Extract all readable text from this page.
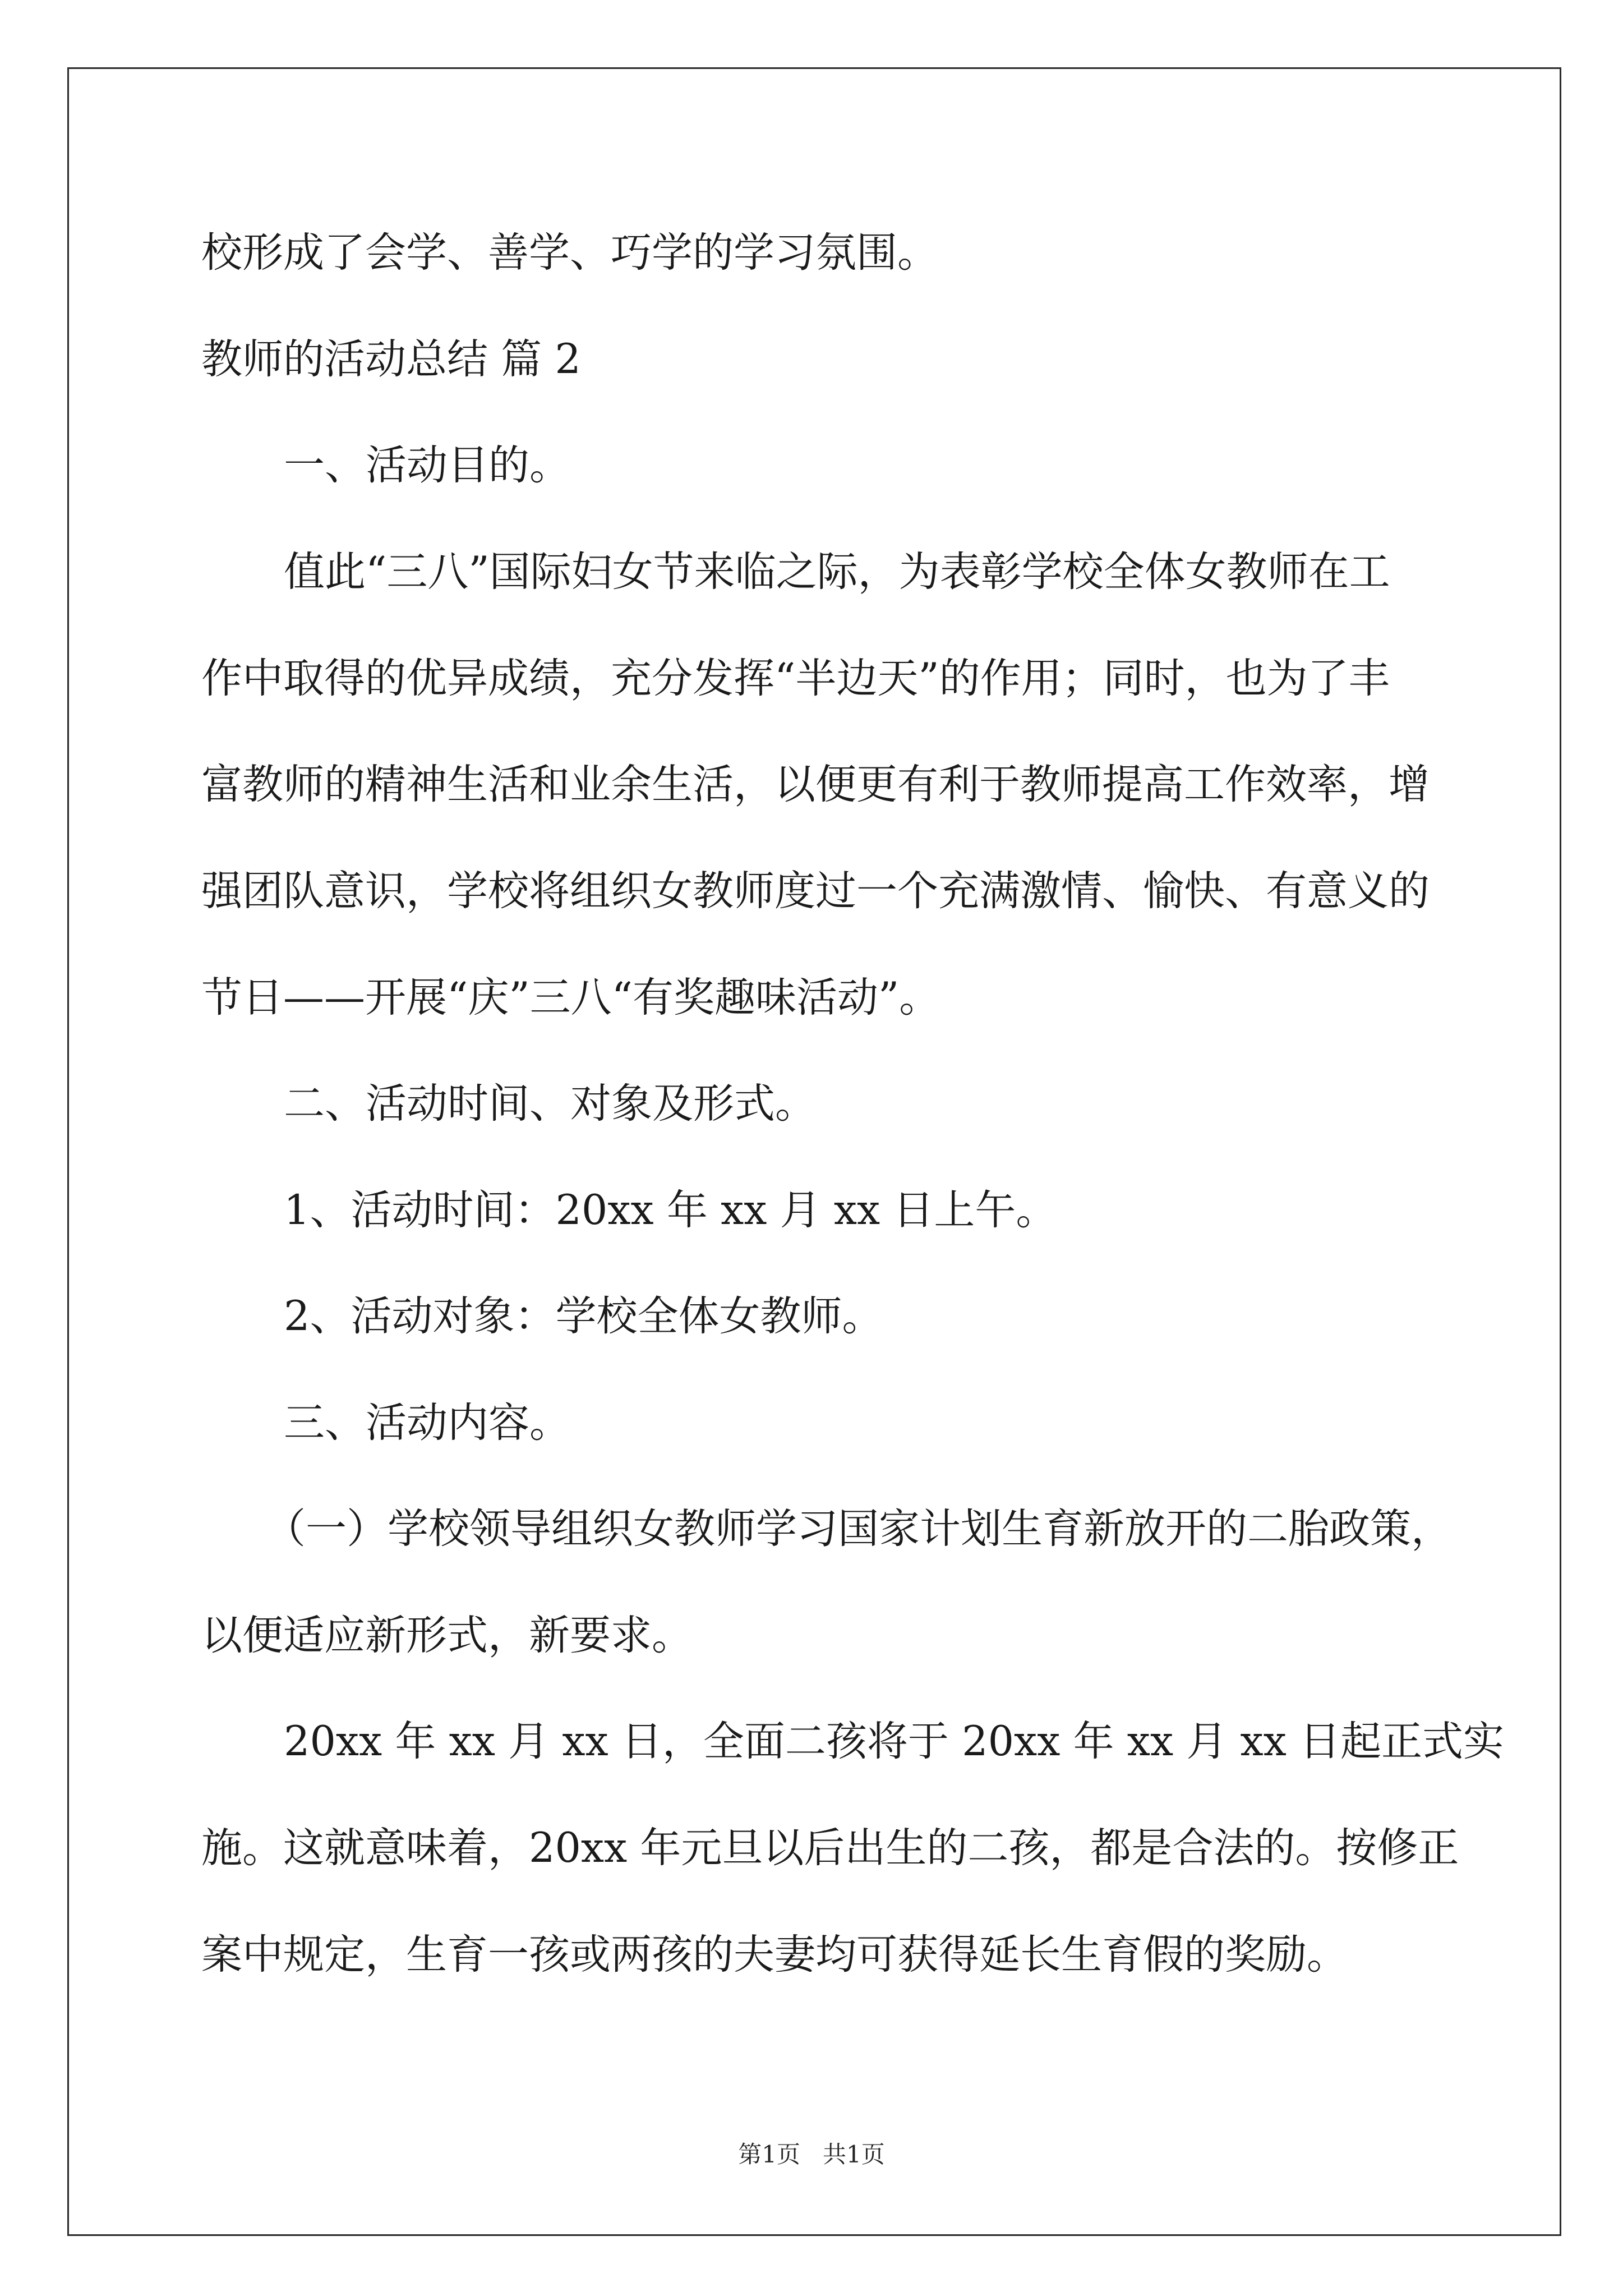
校形成了会学、善学、巧学的学习氛围。
教师的活动总结 篇 2
一、活动目的。
值此“三八”国际妇女节来临之际，为表彰学校全体女教师在工
作中取得的优异成绩，充分发挥“半边天”的作用；同时，也为了丰
富教师的精神生活和业余生活，以便更有利于教师提高工作效率，增
强团队意识，学校将组织女教师度过一个充满激情、愉快、有意义的
节日——开展“庆”三八“有奖趣味活动”。
二、活动时间、对象及形式。
1、活动时间：20xx 年 xx 月 xx 日上午。
2、活动对象：学校全体女教师。
三、活动内容。
（一）学校领导组织女教师学习国家计划生育新放开的二胎政策，
以便适应新形式，新要求。
20xx 年 xx 月 xx 日，全面二孩将于 20xx 年 xx 月 xx 日起正式实
施。这就意味着，20xx 年元旦以后出生的二孩，都是合法的。按修正
案中规定，生育一孩或两孩的夫妻均可获得延长生育假的奖励。
第1页   共1页
